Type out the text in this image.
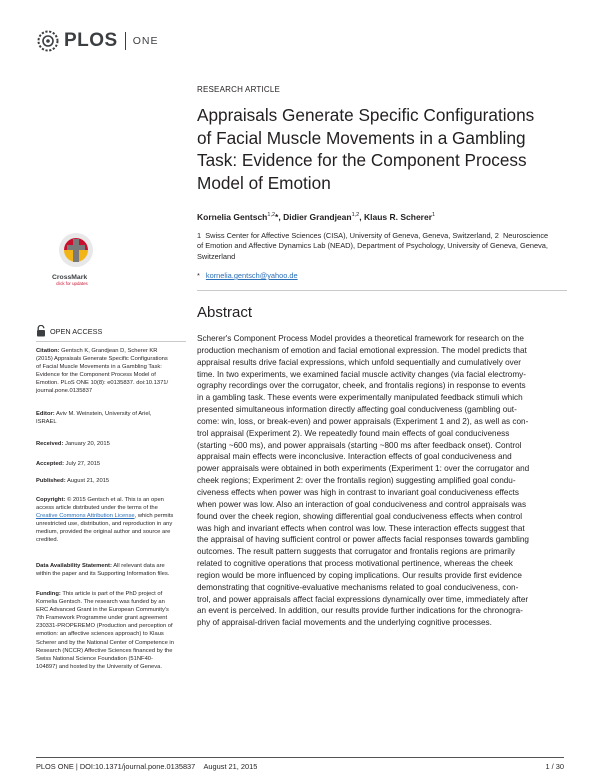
PLOS ONE
RESEARCH ARTICLE
Appraisals Generate Specific Configurations
of Facial Muscle Movements in a Gambling
Task: Evidence for the Component Process
Model of Emotion
Kornelia Gentsch$^{1,2}$*, Didier Grandjean$^{1,2}$, Klaus R. Scherer$^1$
1 Swiss Center for Affective Sciences (CISA), University of Geneva, Geneva, Switzerland, 2 Neuroscience
of Emotion and Affective Dynamics Lab (NEAD), Department of Psychology, University of Geneva, Geneva,
Switzerland
* kornelia.gentsch@yahoo.de
Abstract
Scherer's Component Process Model provides a theoretical framework for research on the
production mechanism of emotion and facial emotional expression. The model predicts that
appraisal results drive facial expressions, which unfold sequentially and cumulatively over
time. In two experiments, we examined facial muscle activity changes (via facial electromy-
ography recordings over the corrugator, cheek, and frontalis regions) in response to events
in a gambling task. These events were experimentally manipulated feedback stimuli which
presented simultaneous information directly affecting goal conduciveness (gambling out-
come: win, loss, or break-even) and power appraisals (Experiment 1 and 2), as well as con-
trol appraisal (Experiment 2). We repeatedly found main effects of goal conduciveness
(starting ~600 ms), and power appraisals (starting ~800 ms after feedback onset). Control
appraisal main effects were inconclusive. Interaction effects of goal conduciveness and
power appraisals were obtained in both experiments (Experiment 1: over the corrugator and
cheek regions; Experiment 2: over the frontalis region) suggesting amplified goal condu-
civeness effects when power was high in contrast to invariant goal conduciveness effects
when power was low. Also an interaction of goal conduciveness and control appraisals was
found over the cheek region, showing differential goal conduciveness effects when control
was high and invariant effects when control was low. These interaction effects suggest that
the appraisal of having sufficient control or power affects facial responses towards gambling
outcomes. The result pattern suggests that corrugator and frontalis regions are primarily
related to cognitive operations that process motivational pertinence, whereas the cheek
region would be more influenced by coping implications. Our results provide first evidence
demonstrating that cognitive-evaluative mechanisms related to goal conduciveness, con-
trol, and power appraisals affect facial expressions dynamically over time, immediately after
an event is perceived. In addition, our results provide further indications for the chronogra-
phy of appraisal-driven facial movements and the underlying cognitive processes.
CrossMark
click for updates
OPEN ACCESS
Citation: Gentsch K, Grandjean D, Scherer KR
(2015) Appraisals Generate Specific Configurations
of Facial Muscle Movements in a Gambling Task:
Evidence for the Component Process Model of
Emotion. PLoS ONE 10(8): e0135837. doi:10.1371/
journal.pone.0135837
Editor: Aviv M. Weinstein, University of Ariel,
ISRAEL
Received: January 20, 2015
Accepted: July 27, 2015
Published: August 21, 2015
Copyright: © 2015 Gentsch et al. This is an open
access article distributed under the terms of the
Creative Commons Attribution License, which permits
unrestricted use, distribution, and reproduction in any
medium, provided the original author and source are
credited.
Data Availability Statement: All relevant data are
within the paper and its Supporting Information files.
Funding: This article is part of the PhD project of
Kornelia Gentsch. The research was funded by an
ERC Advanced Grant in the European Community's
7th Framework Programme under grant agreement
230331-PROPEREMO (Production and perception of
emotion: an affective sciences approach) to Klaus
Scherer and by the National Center of Competence in
Research (NCCR) Affective Sciences financed by the
Swiss National Science Foundation (51NF40-
104897) and hosted by the University of Geneva.
PLOS ONE | DOI:10.1371/journal.pone.0135837 August 21, 2015	1 / 30
